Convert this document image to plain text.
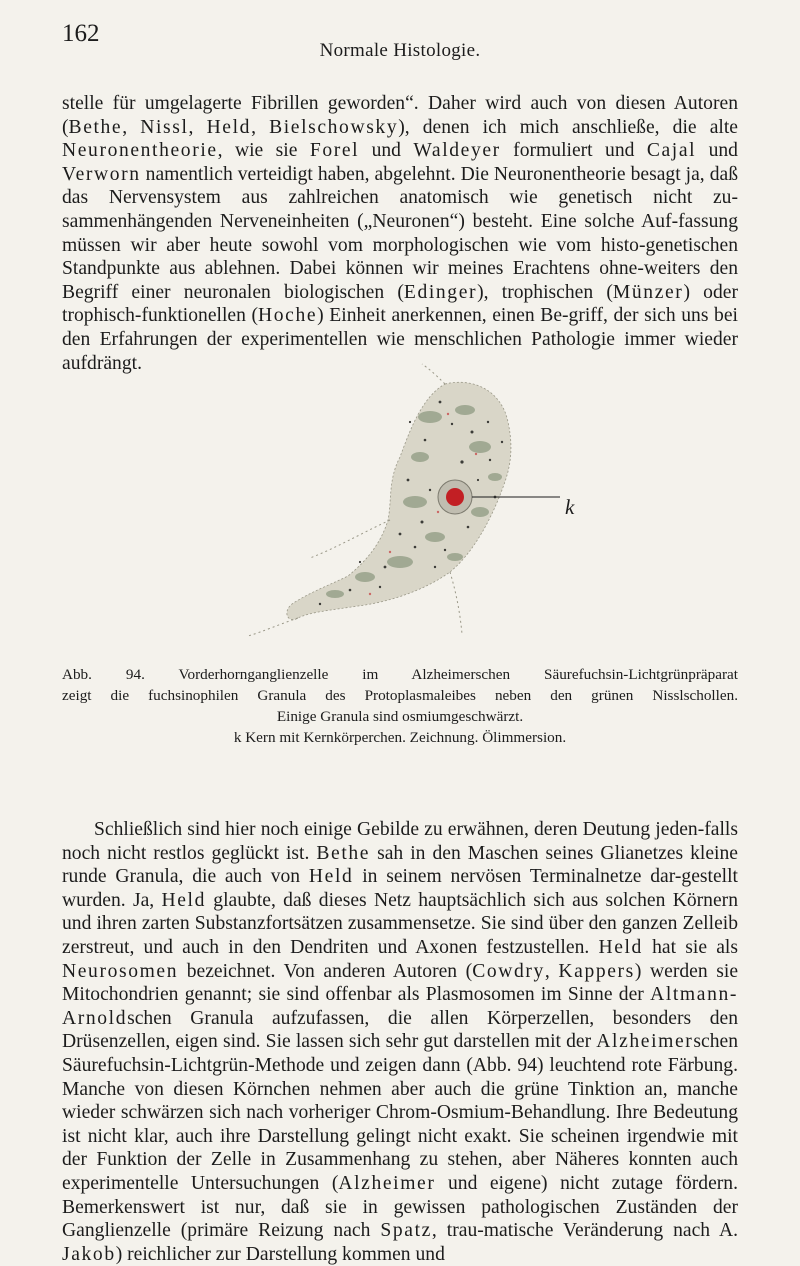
162
Normale Histologie.

stelle für umgelagerte Fibrillen geworden“. Daher wird auch von diesen Autoren (Bethe, Nissl, Held, Bielschowsky), denen ich mich anschließe, die alte Neuronentheorie, wie sie Forel und Waldeyer formuliert und Cajal und Verworn namentlich verteidigt haben, abgelehnt. Die Neuronentheorie besagt ja, daß das Nervensystem aus zahlreichen anatomisch wie genetisch nicht zu-sammenhängenden Nerveneinheiten („Neuronen“) besteht. Eine solche Auf-fassung müssen wir aber heute sowohl vom morphologischen wie vom histo-genetischen Standpunkte aus ablehnen. Dabei können wir meines Erachtens ohne-weiters den Begriff einer neuronalen biologischen (Edinger), trophischen (Münzer) oder trophisch-funktionellen (Hoche) Einheit anerkennen, einen Be-griff, der sich uns bei den Erfahrungen der experimentellen wie menschlichen Pathologie immer wieder aufdrängt.

k

Abb. 94. Vorderhornganglienzelle im Alzheimerschen Säurefuchsin-Lichtgrünpräparat
zeigt die fuchsinophilen Granula des Protoplasmaleibes neben den grünen Nisslschollen.
Einige Granula sind osmiumgeschwärzt.
k Kern mit Kernkörperchen. Zeichnung. Ölimmersion.

Schließlich sind hier noch einige Gebilde zu erwähnen, deren Deutung jeden-falls noch nicht restlos geglückt ist. Bethe sah in den Maschen seines Glianetzes kleine runde Granula, die auch von Held in seinem nervösen Terminalnetze dar-gestellt wurden. Ja, Held glaubte, daß dieses Netz hauptsächlich sich aus solchen Körnern und ihren zarten Substanzfortsätzen zusammensetze. Sie sind über den ganzen Zelleib zerstreut, und auch in den Dendriten und Axonen festzustellen. Held hat sie als Neurosomen bezeichnet. Von anderen Autoren (Cowdry, Kappers) werden sie Mitochondrien genannt; sie sind offenbar als Plasmosomen im Sinne der Altmann-Arnoldschen Granula aufzufassen, die allen Körperzellen, besonders den Drüsenzellen, eigen sind. Sie lassen sich sehr gut darstellen mit der Alzheimerschen Säurefuchsin-Lichtgrün-Methode und zeigen dann (Abb. 94) leuchtend rote Färbung. Manche von diesen Körnchen nehmen aber auch die grüne Tinktion an, manche wieder schwärzen sich nach vorheriger Chrom-Osmium-Behandlung. Ihre Bedeutung ist nicht klar, auch ihre Darstellung gelingt nicht exakt. Sie scheinen irgendwie mit der Funktion der Zelle in Zusammenhang zu stehen, aber Näheres konnten auch experimentelle Untersuchungen (Alzheimer und eigene) nicht zutage fördern. Bemerkenswert ist nur, daß sie in gewissen pathologischen Zuständen der Ganglienzelle (primäre Reizung nach Spatz, trau-matische Veränderung nach A. Jakob) reichlicher zur Darstellung kommen und
